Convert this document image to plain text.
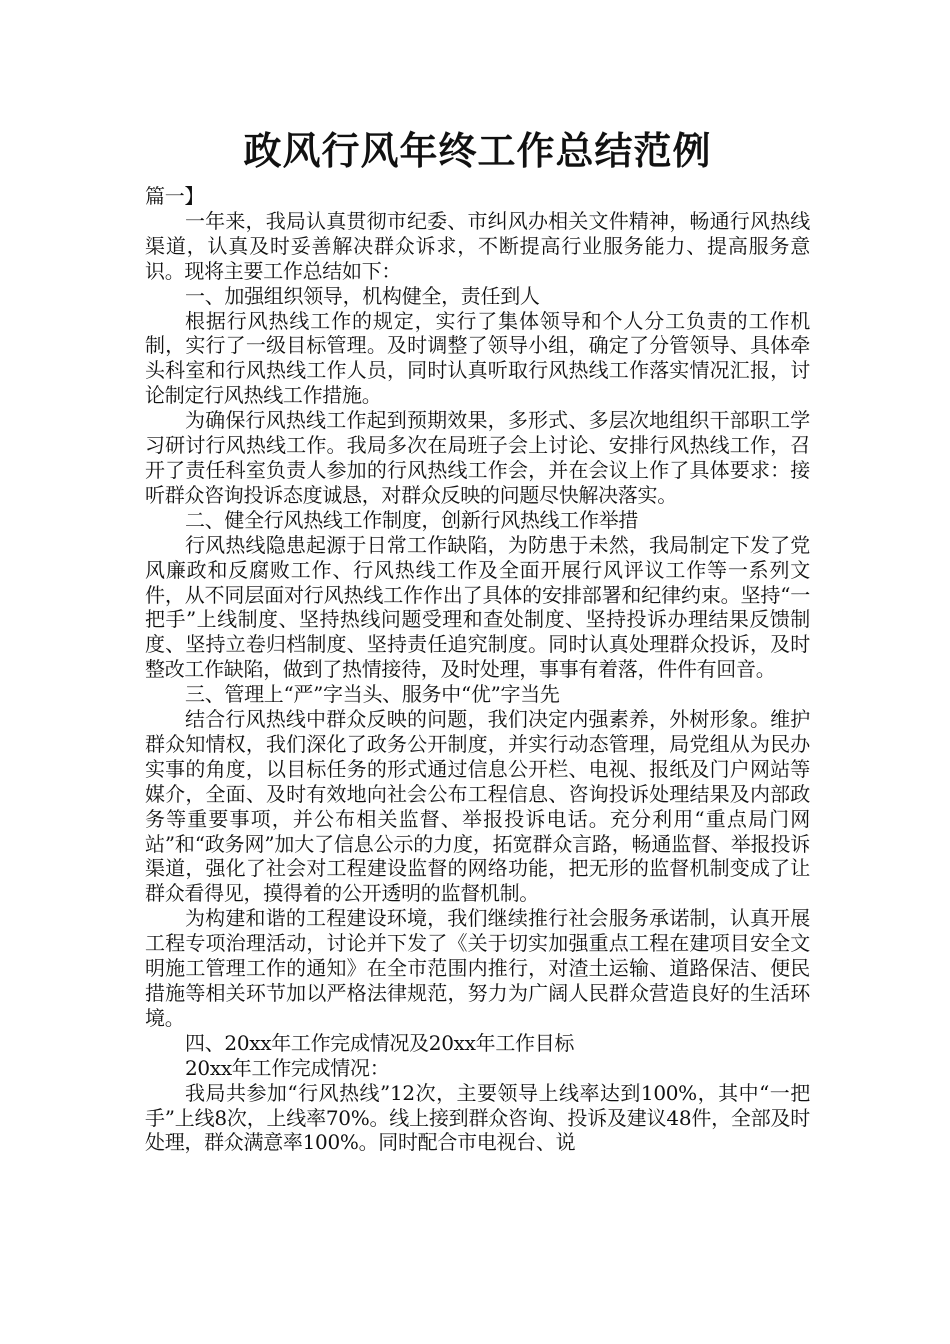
政风行风年终工作总结范例

篇一】

一年来，我局认真贯彻市纪委、市纠风办相关文件精神，畅通行风热线渠道，认真及时妥善解决群众诉求，不断提高行业服务能力、提高服务意识。现将主要工作总结如下：

一、加强组织领导，机构健全，责任到人

根据行风热线工作的规定，实行了集体领导和个人分工负责的工作机制，实行了一级目标管理。及时调整了领导小组，确定了分管领导、具体牵头科室和行风热线工作人员，同时认真听取行风热线工作落实情况汇报，讨论制定行风热线工作措施。

为确保行风热线工作起到预期效果，多形式、多层次地组织干部职工学习研讨行风热线工作。我局多次在局班子会上讨论、安排行风热线工作，召开了责任科室负责人参加的行风热线工作会，并在会议上作了具体要求：接听群众咨询投诉态度诚恳，对群众反映的问题尽快解决落实。

二、健全行风热线工作制度，创新行风热线工作举措

行风热线隐患起源于日常工作缺陷，为防患于未然，我局制定下发了党风廉政和反腐败工作、行风热线工作及全面开展行风评议工作等一系列文件，从不同层面对行风热线工作作出了具体的安排部署和纪律约束。坚持“一把手”上线制度、坚持热线问题受理和查处制度、坚持投诉办理结果反馈制度、坚持立卷归档制度、坚持责任追究制度。同时认真处理群众投诉，及时整改工作缺陷，做到了热情接待，及时处理，事事有着落，件件有回音。

三、管理上“严”字当头、服务中“优”字当先

结合行风热线中群众反映的问题，我们决定内强素养，外树形象。维护群众知情权，我们深化了政务公开制度，并实行动态管理，局党组从为民办实事的角度，以目标任务的形式通过信息公开栏、电视、报纸及门户网站等媒介，全面、及时有效地向社会公布工程信息、咨询投诉处理结果及内部政务等重要事项，并公布相关监督、举报投诉电话。充分利用“重点局门网站”和“政务网”加大了信息公示的力度，拓宽群众言路，畅通监督、举报投诉渠道，强化了社会对工程建设监督的网络功能，把无形的监督机制变成了让群众看得见，摸得着的公开透明的监督机制。

为构建和谐的工程建设环境，我们继续推行社会服务承诺制，认真开展工程专项治理活动，讨论并下发了《关于切实加强重点工程在建项目安全文明施工管理工作的通知》在全市范围内推行，对渣土运输、道路保洁、便民措施等相关环节加以严格法律规范，努力为广阔人民群众营造良好的生活环境。

四、20xx年工作完成情况及20xx年工作目标

20xx年工作完成情况：

我局共参加“行风热线”12次，主要领导上线率达到100%，其中“一把手”上线8次，上线率70%。线上接到群众咨询、投诉及建议48件，全部及时处理，群众满意率100%。同时配合市电视台、说
